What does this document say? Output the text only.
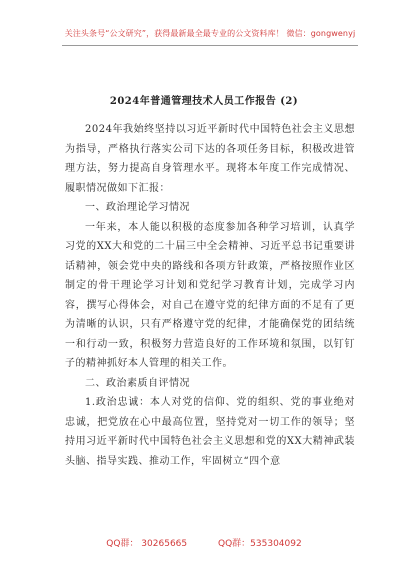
关注头条号“公文研究”，获得最新最全最专业的公文资料库！ 微信：gongwenyj
2024年普通管理技术人员工作报告 (2)

2024年我始终坚持以习近平新时代中国特色社会主义思想为指导，严格执行落实公司下达的各项任务目标，积极改进管理方法，努力提高自身管理水平。现将本年度工作完成情况、履职情况做如下汇报：

一、政治理论学习情况

一年来，本人能以积极的态度参加各种学习培训，认真学习党的XX大和党的二十届三中全会精神、习近平总书记重要讲话精神，领会党中央的路线和各项方针政策，严格按照作业区制定的骨干理论学习计划和党纪学习教育计划，完成学习内容，撰写心得体会，对自己在遵守党的纪律方面的不足有了更为清晰的认识，只有严格遵守党的纪律，才能确保党的团结统一和行动一致，积极努力营造良好的工作环境和氛围，以钉钉子的精神抓好本人管理的相关工作。

二、政治素质自评情况

1.政治忠诚：本人对党的信仰、党的组织、党的事业绝对忠诚，把党放在心中最高位置，坚持党对一切工作的领导；坚持用习近平新时代中国特色社会主义思想和党的XX大精神武装头脑、指导实践、推动工作，牢固树立“四个意

QQ群： 30265665	QQ群：535304092
